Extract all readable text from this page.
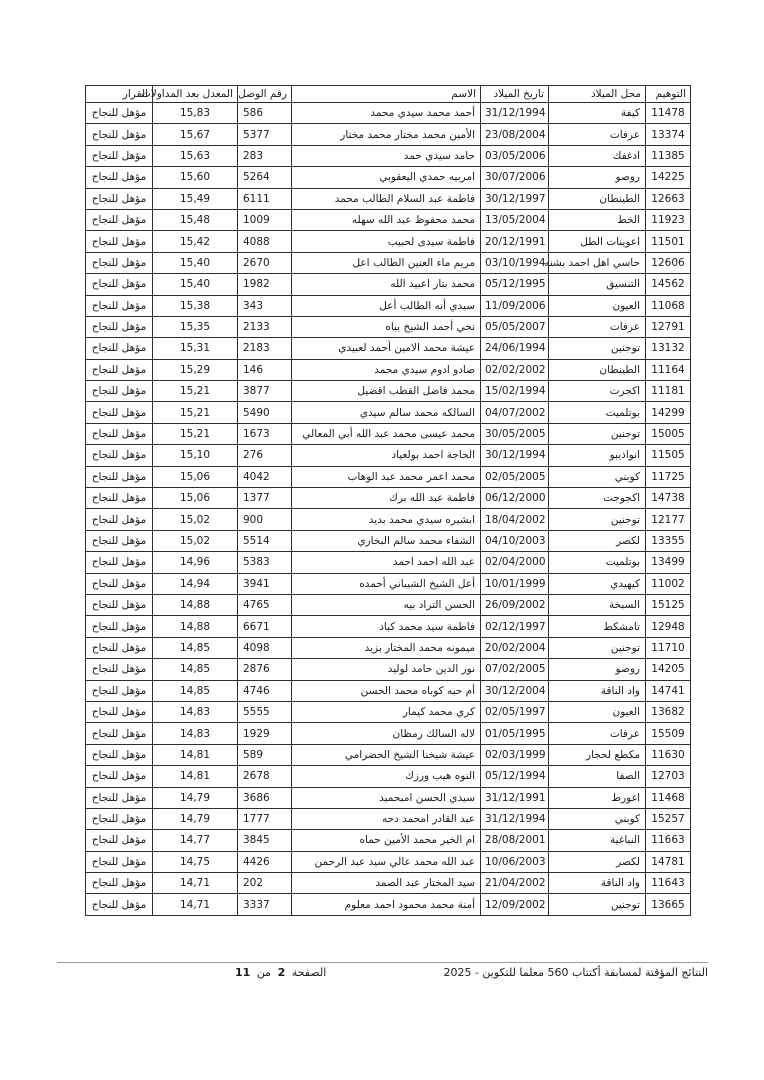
التوهيم	محل الميلاد	تاريخ الميلاد	الاسم	رقم الوصل	المعدل بعد المداولات	القرار
11478	كيفة	31/12/1994	أحمد محمد سيدي محمد	586	15,83	مؤهل للنجاح
13374	عرفات	23/08/2004	الأمين محمد مختار محمد مختار	5377	15,67	مؤهل للنجاح
11385	ادغفك	03/05/2006	حامد سيدي حمد	283	15,63	مؤهل للنجاح
14225	روصو	30/07/2006	امربيه حمدي اليعقوبي	5264	15,60	مؤهل للنجاح
12663	الطينطان	30/12/1997	فاطمة عبد السلام الطالب محمد	6111	15,49	مؤهل للنجاح
11923	الخط	13/05/2004	محمد محفوظ عبد الله سهله	1009	15,48	مؤهل للنجاح
11501	اعوينات الطل	20/12/1991	فاطمة سيدى لحبيب	4088	15,42	مؤهل للنجاح
12606	حاسي اهل احمد بشنه	03/10/1994	مريم ماء العنين الطالب اعل	2670	15,40	مؤهل للنجاح
14562	التنسيق	05/12/1995	محمد بتار اعبيد الله	1982	15,40	مؤهل للنجاح
11068	العيون	11/09/2006	سيدي أنه الطالب أعل	343	15,38	مؤهل للنجاح
12791	عرفات	05/05/2007	نحي أحمد الشيخ بياه	2133	15,35	مؤهل للنجاح
13132	توجنين	24/06/1994	عيشة محمد الامين أحمد لعبيدي	2183	15,31	مؤهل للنجاح
11164	الطينطان	02/02/2002	صادو ادوم سيدي محمد	146	15,29	مؤهل للنجاح
11181	اكجرت	15/02/1994	محمد فاضل القطب اقضيل	3877	15,21	مؤهل للنجاح
14299	بوتلميت	04/07/2002	السالكه محمد سالم سيدي	5490	15,21	مؤهل للنجاح
15005	توجنين	30/05/2005	محمد عيسى محمد عبد الله أبي المعالي	1673	15,21	مؤهل للنجاح
11505	انواذيبو	30/12/1994	الحاجة احمد بولعياد	276	15,10	مؤهل للنجاح
11725	كوبني	02/05/2005	محمد اعمر محمد عبد الوهاب	4042	15,06	مؤهل للنجاح
14738	اكجوجت	06/12/2000	فاطمة عبد الله برك	1377	15,06	مؤهل للنجاح
12177	توجنين	18/04/2002	ابشيره سيدي محمد بديد	900	15,02	مؤهل للنجاح
13355	لكصر	04/10/2003	الشفاء محمد سالم البخاري	5514	15,02	مؤهل للنجاح
13499	بوتلميت	02/04/2000	عبد الله احمد احمد	5383	14,96	مؤهل للنجاح
11002	كيهيدي	10/01/1999	أعل الشيخ الشيباني أحمده	3941	14,94	مؤهل للنجاح
15125	السبخة	26/09/2002	الحسن التراد بيه	4765	14,88	مؤهل للنجاح
12948	تامشكط	02/12/1997	فاطمة سيد محمد كباد	6671	14,88	مؤهل للنجاح
11710	توجنين	20/02/2004	ميمونه محمد المختار بزيد	4098	14,85	مؤهل للنجاح
14205	روصو	07/02/2005	نور الدين حامد لوليد	2876	14,85	مؤهل للنجاح
14741	واد الناقة	30/12/2004	أم حبه كوباه محمد الحسن	4746	14,85	مؤهل للنجاح
13682	العيون	02/05/1997	كري محمد كيمار	5555	14,83	مؤهل للنجاح
15509	عرفات	01/05/1995	لاله السالك رمظان	1929	14,83	مؤهل للنجاح
11630	مكطع لحجار	02/03/1999	عيشة شيخنا الشيخ الحضرامي	589	14,81	مؤهل للنجاح
12703	الصفا	05/12/1994	النوه هيب ورزك	2678	14,81	مؤهل للنجاح
11468	اغورط	31/12/1991	سيدي الحسن امبحميد	3686	14,79	مؤهل للنجاح
15257	كوبني	31/12/1994	عبد القادر امحمد دحه	1777	14,79	مؤهل للنجاح
11663	النباغية	28/08/2001	ام الخير محمد الأمين حماه	3845	14,77	مؤهل للنجاح
14781	لكصر	10/06/2003	عبد الله محمد عالي سيد عبد الرحمن	4426	14,75	مؤهل للنجاح
11643	واد الناقة	21/04/2002	سيد المختار عبد الصمد	202	14,71	مؤهل للنجاح
13665	توجنين	12/09/2002	أمنة محمد محمود احمد معلوم	3337	14,71	مؤهل للنجاح
النتائج المؤقتة لمسابقة أكتتاب 560 معلما للتكوين - 2025
الصفحة 2 من 11
